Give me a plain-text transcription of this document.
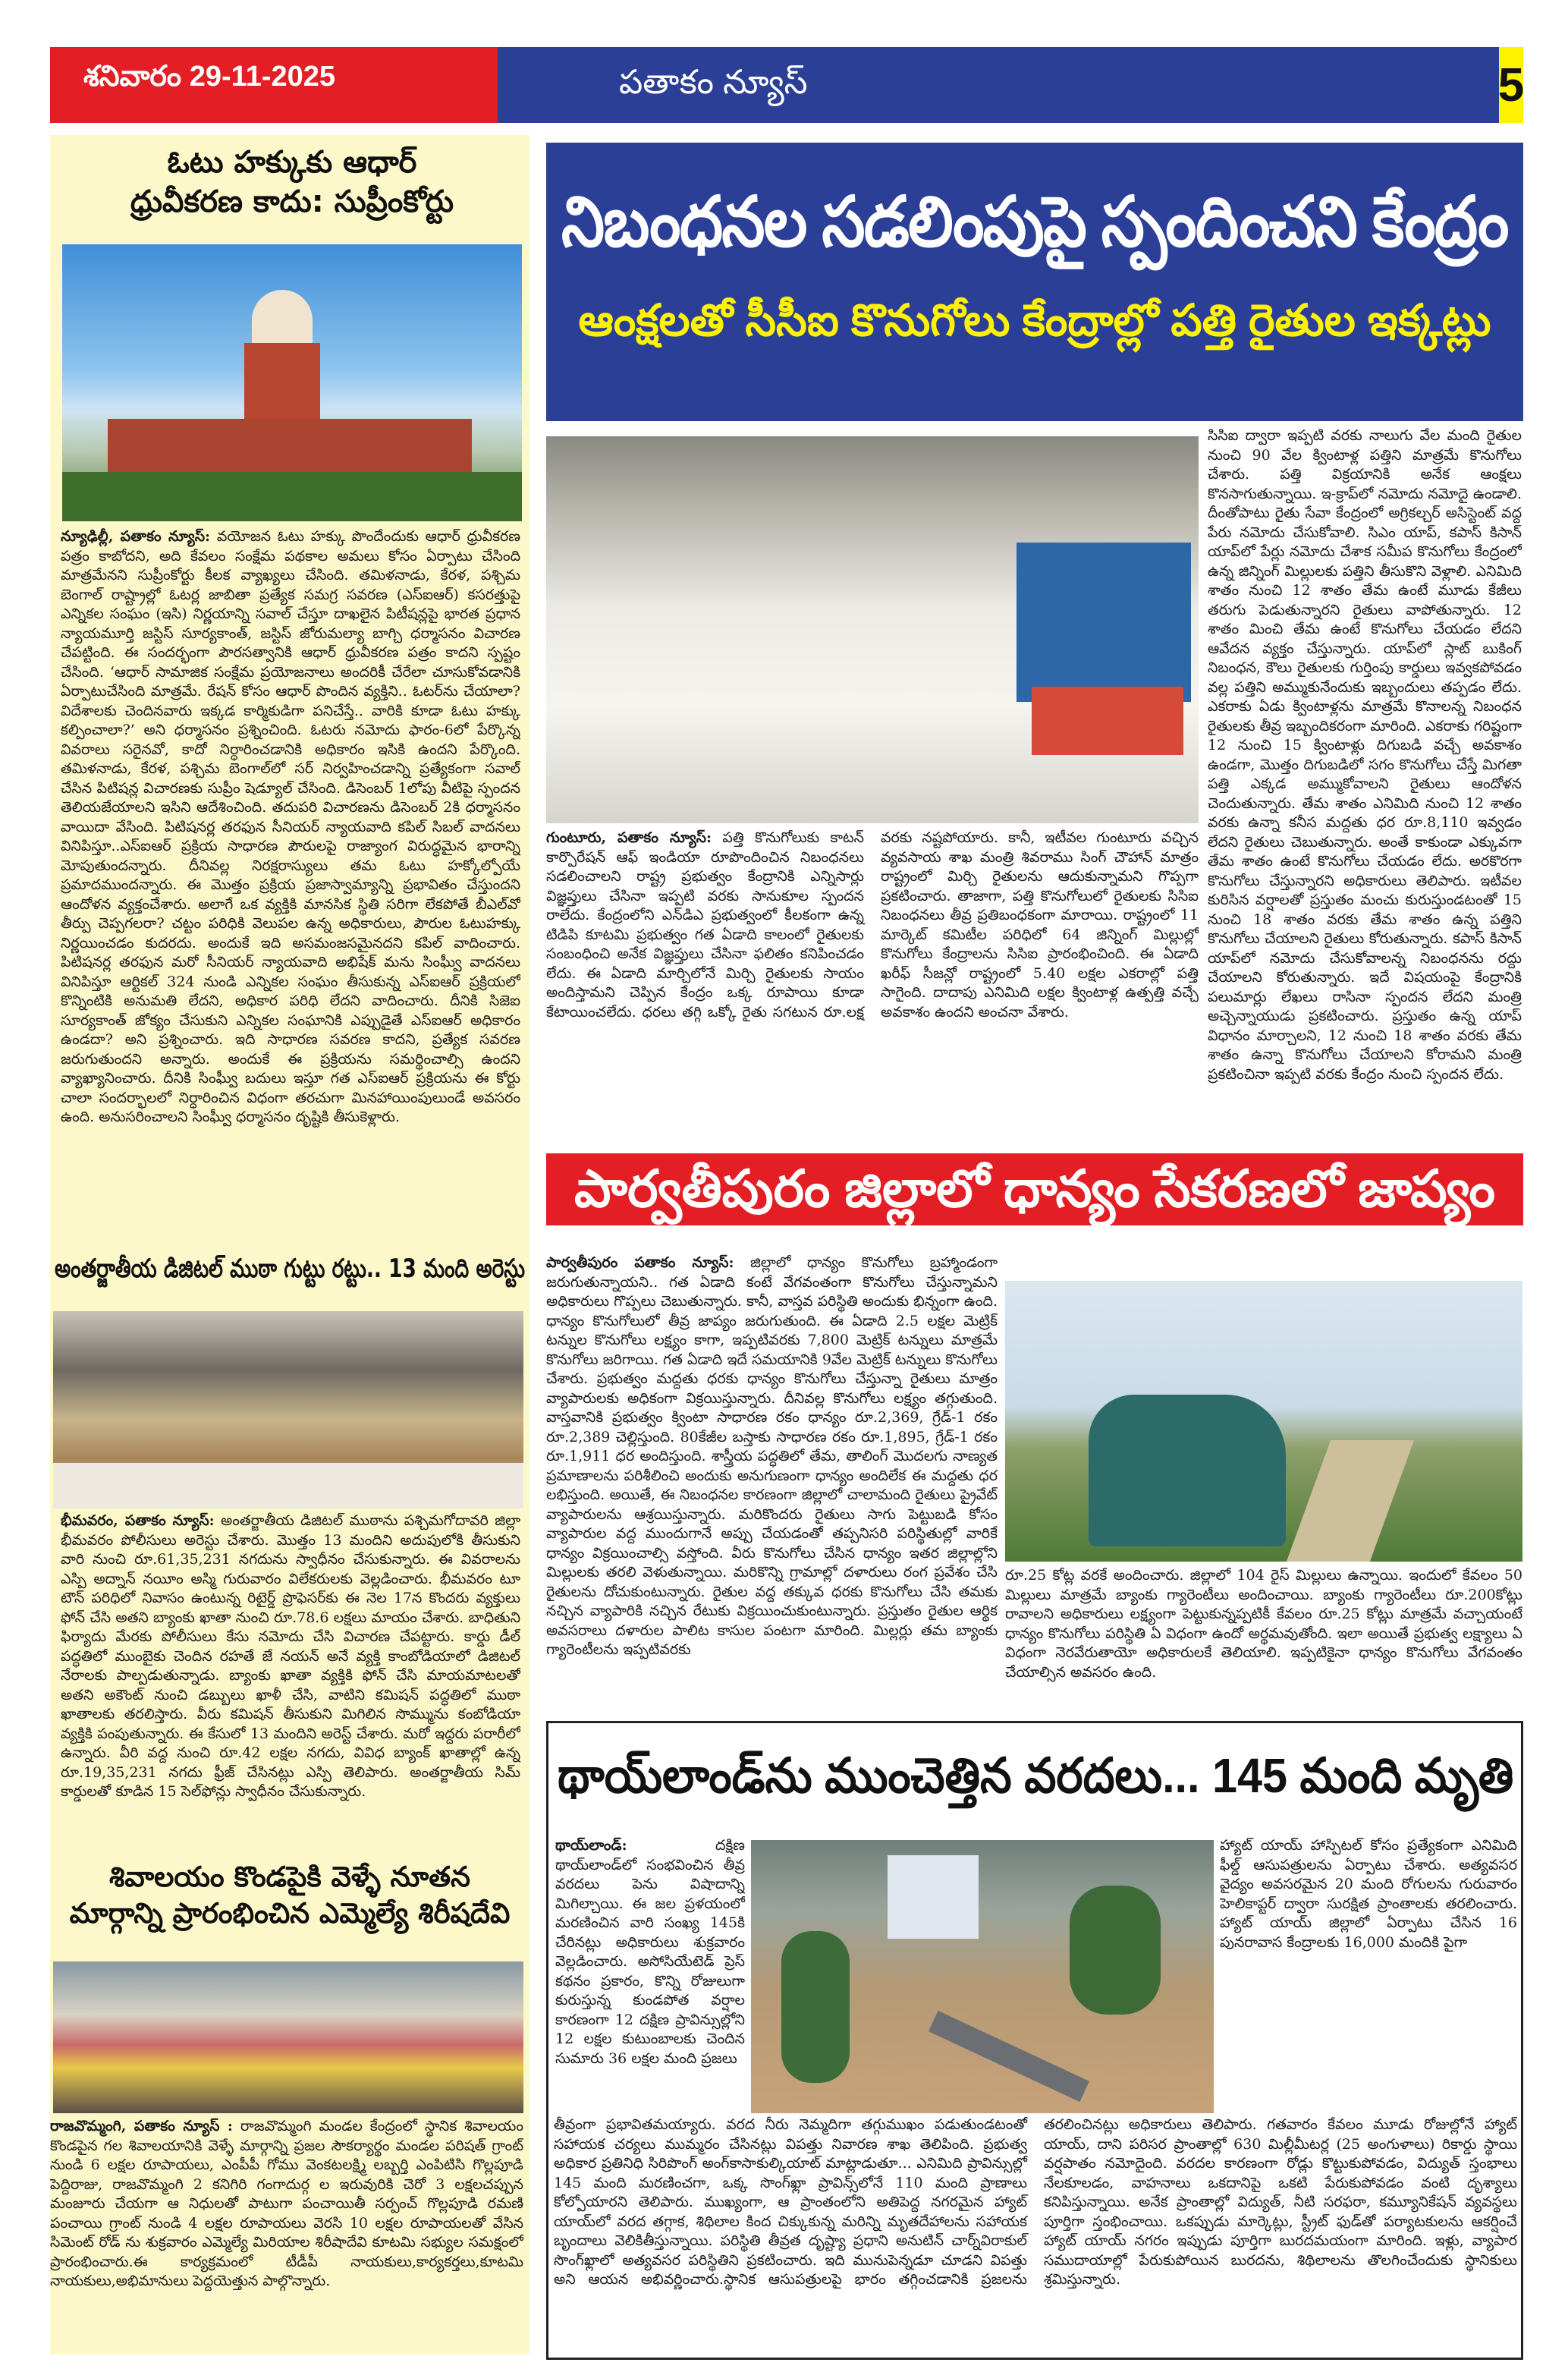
శనివారం 29-11-2025	పతాకం న్యూస్	5
ఓటు హక్కుకు ఆధార్
ధ్రువీకరణ కాదు: సుప్రీంకోర్టు
న్యూఢిల్లీ, పతాకం న్యూస్: వయోజన ఓటు హక్కు పొందేందుకు ఆధార్ ధ్రువీకరణ పత్రం కాబోదని, అది కేవలం సంక్షేమ పథకాల అమలు కోసం ఏర్పాటు చేసింది మాత్రమేనని సుప్రీంకోర్టు కీలక వ్యాఖ్యలు చేసింది. తమిళనాడు, కేరళ, పశ్చిమ బెంగాల్ రాష్ట్రాల్లో ఓటర్ల జాబితా ప్రత్యేక సమగ్ర సవరణ (ఎస్ఐఆర్) కసరత్తుపై ఎన్నికల సంఘం (ఇసి) నిర్ణయాన్ని సవాల్ చేస్తూ దాఖలైన పిటీషన్లపై భారత ప్రధాన న్యాయమూర్తి జస్టిస్ సూర్యకాంత్, జస్టిస్ జోరుమల్యా బాగ్చి ధర్మాసనం విచారణ చేపట్టింది. ఈ సందర్భంగా పౌరసత్వానికి ఆధార్ ధ్రువీకరణ పత్రం కాదని స్పష్టం చేసింది. ‘ఆధార్ సామాజిక సంక్షేమ ప్రయోజనాలు అందరికీ చేరేలా చూసుకోవడానికి ఏర్పాటుచేసింది మాత్రమే. రేషన్ కోసం ఆధార్ పొందిన వ్యక్తిని.. ఓటర్‌ను చేయాలా? విదేశాలకు చెందినవారు ఇక్కడ కార్మికుడిగా పనిచేస్తే.. వారికి కూడా ఓటు హక్కు కల్పించాలా?’ అని ధర్మాసనం ప్రశ్నించింది. ఓటరు నమోదు ఫారం-6లో పేర్కొన్న వివరాలు సరైనవో, కాదో నిర్ధారించడానికి అధికారం ఇసికి ఉందని పేర్కొంది. తమిళనాడు, కేరళ, పశ్చిమ బెంగాల్‌లో సర్ నిర్వహించడాన్ని ప్రత్యేకంగా సవాల్ చేసిన పిటిషన్ల విచారణకు సుప్రీం షెడ్యూల్ చేసింది. డిసెంబర్ 1లోపు వీటిపై స్పందన తెలియజేయాలని ఇసిని ఆదేశించింది. తదుపరి విచారణను డిసెంబర్ 2కి ధర్మాసనం వాయిదా వేసింది. పిటిషనర్ల తరఫున సీనియర్ న్యాయవాది కపిల్ సిబల్ వాదనలు వినిపిస్తూ..ఎస్ఐఆర్ ప్రక్రియ సాధారణ పౌరులపై రాజ్యాంగ విరుద్ధమైన భారాన్ని మోపుతుందన్నారు. దీనివల్ల నిరక్షరాస్యులు తమ ఓటు హక్కోల్పోయే ప్రమాదముందన్నారు. ఈ మొత్తం ప్రక్రియ ప్రజాస్వామ్యాన్ని ప్రభావితం చేస్తుందని ఆందోళన వ్యక్తంచేశారు. అలాగే ఒక వ్యక్తికి మానసిక స్థితి సరిగా లేకపోతే బీఎల్‌వో తీర్పు చెప్పగలరా? చట్టం పరిధికి వెలుపల ఉన్న అధికారులు, పౌరుల ఓటుహక్కు నిర్ణయించడం కుదరదు. అందుకే ఇది అసమంజసమైనదని కపిల్ వాదించారు. పిటిషనర్ల తరఫున మరో సీనియర్ న్యాయవాది అభిషేక్ మను సింఘ్వీ వాదనలు వినిపిస్తూ ఆర్టికల్ 324 నుండి ఎన్నికల సంఘం తీసుకున్న ఎస్ఐఆర్ ప్రక్రియలో కొన్నింటికి అనుమతి లేదని, అధికార పరిధి లేదని వాదించారు. దీనికి సిజెఐ సూర్యకాంత్ జోక్యం చేసుకుని ఎన్నికల సంఘానికి ఎప్పుడైతే ఎస్ఐఆర్ అధికారం ఉండదా? అని ప్రశ్నించారు. ఇది సాధారణ సవరణ కాదని, ప్రత్యేక సవరణ జరుగుతుందని అన్నారు. అందుకే ఈ ప్రక్రియను సమర్థించాల్సి ఉందని వ్యాఖ్యానించారు. దీనికి సింఘ్వీ బదులు ఇస్తూ గత ఎస్ఐఆర్ ప్రక్రియను ఈ కోర్టు చాలా సందర్భాలలో నిర్ధారించిన విధంగా తరచుగా మినహాయింపులుండే అవసరం ఉంది. అనుసరించాలని సింఘ్వీ ధర్మాసనం దృష్టికి తీసుకెళ్లారు.
అంతర్జాతీయ డిజిటల్ ముఠా గుట్టు రట్టు.. 13 మంది అరెస్టు
భీమవరం, పతాకం న్యూస్: అంతర్జాతీయ డిజిటల్ ముఠాను పశ్చిమగోదావరి జిల్లా భీమవరం పోలీసులు అరెస్టు చేశారు. మొత్తం 13 మందిని అదుపులోకి తీసుకుని వారి నుంచి రూ.61,35,231 నగదును స్వాధీనం చేసుకున్నారు. ఈ వివరాలను ఎస్పి అద్నాన్ నయీం అస్మి గురువారం విలేకరులకు వెల్లడించారు. భీమవరం టూ టౌన్ పరిధిలో నివాసం ఉంటున్న రిటైర్డ్ ప్రొఫెసర్‌కు ఈ నెల 17న కొందరు వ్యక్తులు ఫోన్ చేసి అతని బ్యాంకు ఖాతా నుంచి రూ.78.6 లక్షలు మాయం చేశారు. బాధితుని ఫిర్యాదు మేరకు పోలీసులు కేసు నమోదు చేసి విచారణ చేపట్టారు. కార్డు డీల్ పద్ధతిలో ముంబైకు చెందిన రహతే జే నయన్ అనే వ్యక్తి కాంబోడియాలో డిజిటల్ నేరాలకు పాల్పడుతున్నాడు. బ్యాంకు ఖాతా వ్యక్తికి ఫోన్ చేసి మాయమాటలతో అతని అకౌంట్ నుంచి డబ్బులు ఖాళీ చేసి, వాటిని కమిషన్ పద్ధతిలో ముఠా ఖాతాలకు తరలిస్తారు. వీరు కమిషన్ తీసుకుని మిగిలిన సొమ్మును కంబోడియా వ్యక్తికి పంపుతున్నారు. ఈ కేసులో 13 మందిని అరెస్ట్ చేశారు. మరో ఇద్దరు పరారీలో ఉన్నారు. వీరి వద్ద నుంచి రూ.42 లక్షల నగదు, వివిధ బ్యాంక్ ఖాతాల్లో ఉన్న రూ.19,35,231 నగదు ఫ్రీజ్ చేసినట్లు ఎస్పి తెలిపారు. అంతర్జాతీయ సిమ్ కార్డులతో కూడిన 15 సెల్‌ఫోన్లు స్వాధీనం చేసుకున్నారు.
శివాలయం కొండపైకి వెళ్ళే నూతన
మార్గాన్ని ప్రారంభించిన ఎమ్మెల్యే శిరీషదేవి
రాజవొమ్మంగి, పతాకం న్యూస్ : రాజవొమ్మంగి మండల కేంద్రంలో స్థానిక శివాలయం కొండపైన గల శివాలయానికి వెళ్ళే మార్గాన్ని ప్రజల సౌకర్యార్థం మండల పరిషత్ గ్రాంట్ నుండి 6 లక్షల రూపాయలు, ఎంపీపీ గోము వెంకటలక్ష్మి లబ్బర్తి ఎంపిటిసి గొల్లపూడి పెద్దిరాజు, రాజవొమ్మంగి 2 కనిగిరి గంగాదుర్గ ల ఇరువురికి చెరో 3 లక్షలచప్పున మంజూరు చేయగా ఆ నిధులతో పాటుగా పంచాయితీ సర్పంచ్ గొల్లపూడి రమణి పంచాయి గ్రాంట్ నుండి 4 లక్షల రూపాయలు వెరసి 10 లక్షల రూపాయలతో వేసిన సిమెంట్ రోడ్ ను శుక్రవారం ఎమ్మెల్యే మిరియాల శిరీషాదేవి కూటమి సభ్యుల సమక్షంలో ప్రారంభించారు.ఈ కార్యక్రమంలో టీడీపీ నాయకులు,కార్యకర్తలు,కూటమి నాయకులు,అభిమానులు పెద్దయెత్తున పాల్గొన్నారు.
నిబంధనల సడలింపుపై స్పందించని కేంద్రం
ఆంక్షలతో సీసీఐ కొనుగోలు కేంద్రాల్లో పత్తి రైతుల ఇక్కట్లు
గుంటూరు, పతాకం న్యూస్: పత్తి కొనుగోలుకు కాటన్ కార్పొరేషన్ ఆఫ్ ఇండియా రూపొందించిన నిబంధనలు సడలించాలని రాష్ట్ర ప్రభుత్వం కేంద్రానికి ఎన్నిసార్లు విజ్ఞప్తులు చేసినా ఇప్పటి వరకు సానుకూల స్పందన రాలేదు. కేంద్రంలోని ఎన్‌డిఎ ప్రభుత్వంలో కీలకంగా ఉన్న టిడిపి కూటమి ప్రభుత్వం గత ఏడాది కాలంలో రైతులకు సంబంధించి అనేక విజ్ఞప్తులు చేసినా ఫలితం కనిపించడం లేదు. ఈ ఏడాది మార్చిలోనే మిర్చి రైతులకు సాయం అందిస్తామని చెప్పిన కేంద్రం ఒక్క రూపాయి కూడా కేటాయించలేదు. ధరలు తగ్గి ఒక్కో రైతు సగటున రూ.లక్ష వరకు నష్టపోయారు. కానీ, ఇటీవల గుంటూరు వచ్చిన వ్యవసాయ శాఖ మంత్రి శివరాము సింగ్ చౌహాన్ మాత్రం రాష్ట్రంలో మిర్చి రైతులను ఆదుకున్నామని గొప్పగా ప్రకటించారు. తాజాగా, పత్తి కొనుగోలులో రైతులకు సిసిఐ నిబంధనలు తీవ్ర ప్రతిబంధకంగా మారాయి. రాష్ట్రంలో 11 మార్కెట్ కమిటీల పరిధిలో 64 జిన్నింగ్ మిల్లుల్లో కొనుగోలు కేంద్రాలను సిసిఐ ప్రారంభించింది. ఈ ఏడాది ఖరీఫ్ సీజన్లో రాష్ట్రంలో 5.40 లక్షల ఎకరాల్లో పత్తి సాగైంది. దాదాపు ఎనిమిది లక్షల క్వింటాళ్ల ఉత్పత్తి వచ్చే అవకాశం ఉందని అంచనా వేశారు.
సిసిఐ ద్వారా ఇప్పటి వరకు నాలుగు వేల మంది రైతుల నుంచి 90 వేల క్వింటాళ్ల పత్తిని మాత్రమే కొనుగోలు చేశారు. పత్తి విక్రయానికి అనేక ఆంక్షలు కొనసాగుతున్నాయి. ఇ-క్రాప్‌లో నమోదు నమోదై ఉండాలి. దీంతోపాటు రైతు సేవా కేంద్రంలో అగ్రికల్చర్ అసిస్టెంట్ వద్ద పేరు నమోదు చేసుకోవాలి. సిఎం యాప్, కపాస్ కిసాన్ యాప్‌లో పేర్లు నమోదు చేశాక సమీప కొనుగోలు కేంద్రంలో ఉన్న జిన్నింగ్ మిల్లులకు పత్తిని తీసుకొని వెళ్లాలి. ఎనిమిది శాతం నుంచి 12 శాతం తేమ ఉంటే మూడు కేజీలు తరుగు పెడుతున్నారని రైతులు వాపోతున్నారు. 12 శాతం మించి తేమ ఉంటే కొనుగోలు చేయడం లేదని ఆవేదన వ్యక్తం చేస్తున్నారు. యాప్‌లో స్లాట్ బుకింగ్ నిబంధన, కౌలు రైతులకు గుర్తింపు కార్డులు ఇవ్వకపోవడం వల్ల పత్తిని అమ్ముకునేందుకు ఇబ్బందులు తప్పడం లేదు. ఎకరాకు ఏడు క్వింటాళ్లను మాత్రమే కొనాలన్న నిబంధన రైతులకు తీవ్ర ఇబ్బందికరంగా మారింది. ఎకరాకు గరిష్టంగా 12 నుంచి 15 క్వింటాళ్లు దిగుబడి వచ్చే అవకాశం ఉండగా, మొత్తం దిగుబడిలో సగం కొనుగోలు చేస్తే మిగతా పత్తి ఎక్కడ అమ్ముకోవాలని రైతులు ఆందోళన చెందుతున్నారు. తేమ శాతం ఎనిమిది నుంచి 12 శాతం వరకు ఉన్నా కనీస మద్దతు ధర రూ.8,110 ఇవ్వడం లేదని రైతులు చెబుతున్నారు. అంతే కాకుండా ఎక్కువగా తేమ శాతం ఉంటే కొనుగోలు చేయడం లేదు. అరకొరగా కొనుగోలు చేస్తున్నారని అధికారులు తెలిపారు. ఇటీవల కురిసిన వర్షాలతో ప్రస్తుతం మంచు కురుస్తుండటంతో 15 నుంచి 18 శాతం వరకు తేమ శాతం ఉన్న పత్తిని కొనుగోలు చేయాలని రైతులు కోరుతున్నారు. కపాస్ కిసాన్ యాప్‌లో నమోదు చేసుకోవాలన్న నిబంధనను రద్దు చేయాలని కోరుతున్నారు. ఇదే విషయంపై కేంద్రానికి పలుమార్లు లేఖలు రాసినా స్పందన లేదని మంత్రి అచ్చెన్నాయుడు ప్రకటించారు. ప్రస్తుతం ఉన్న యాప్ విధానం మార్చాలని, 12 నుంచి 18 శాతం వరకు తేమ శాతం ఉన్నా కొనుగోలు చేయాలని కోరామని మంత్రి ప్రకటించినా ఇప్పటి వరకు కేంద్రం నుంచి స్పందన లేదు.
పార్వతీపురం జిల్లాలో ధాన్యం సేకరణలో జాప్యం
పార్వతీపురం పతాకం న్యూస్: జిల్లాలో ధాన్యం కొనుగోలు బ్రహ్మాండంగా జరుగుతున్నాయని.. గత ఏడాది కంటే వేగవంతంగా కొనుగోలు చేస్తున్నామని అధికారులు గొప్పలు చెబుతున్నారు. కానీ, వాస్తవ పరిస్థితి అందుకు భిన్నంగా ఉంది. ధాన్యం కొనుగోలులో తీవ్ర జాప్యం జరుగుతుంది. ఈ ఏడాది 2.5 లక్షల మెట్రిక్ టన్నుల కొనుగోలు లక్ష్యం కాగా, ఇప్పటివరకు 7,800 మెట్రిక్ టన్నులు మాత్రమే కొనుగోలు జరిగాయి. గత ఏడాది ఇదే సమయానికి 9వేల మెట్రిక్ టన్నులు కొనుగోలు చేశారు. ప్రభుత్వం మద్దతు ధరకు ధాన్యం కొనుగోలు చేస్తున్నా రైతులు మాత్రం వ్యాపారులకు అధికంగా విక్రయిస్తున్నారు. దీనివల్ల కొనుగోలు లక్ష్యం తగ్గుతుంది. వాస్తవానికి ప్రభుత్వం క్వింటా సాధారణ రకం ధాన్యం రూ.2,369, గ్రేడ్-1 రకం రూ.2,389 చెల్లిస్తుంది. 80కేజీల బస్తాకు సాధారణ రకం రూ.1,895, గ్రేడ్-1 రకం రూ.1,911 ధర అందిస్తుంది. శాస్త్రీయ పద్ధతిలో తేమ, తాలింగ్ మొదలగు నాణ్యత ప్రమాణాలను పరిశీలించి అందుకు అనుగుణంగా ధాన్యం అందిలేక ఈ మద్దతు ధర లభిస్తుంది. అయితే, ఈ నిబంధనల కారణంగా జిల్లాలో చాలామంది రైతులు ప్రైవేట్ వ్యాపారులను ఆశ్రయిస్తున్నారు. మరికొందరు రైతులు సాగు పెట్టుబడి కోసం వ్యాపారుల వద్ద ముందుగానే అప్పు చేయడంతో తప్పనిసరి పరిస్థితుల్లో వారికే ధాన్యం విక్రయించాల్సి వస్తోంది. వీరు కొనుగోలు చేసిన ధాన్యం ఇతర జిల్లాల్లోని మిల్లులకు తరలి వెళుతున్నాయి. మరికొన్ని గ్రామాల్లో దళారులు రంగ ప్రవేశం చేసి రైతులను దోచుకుంటున్నారు. రైతుల వద్ద తక్కువ ధరకు కొనుగోలు చేసి తమకు నచ్చిన వ్యాపారికి నచ్చిన రేటుకు విక్రయించుకుంటున్నారు. ప్రస్తుతం రైతుల ఆర్థిక అవసరాలు దళారుల పాలిట కాసుల పంటగా మారింది. మిల్లర్లు తమ బ్యాంకు గ్యారెంటీలను ఇప్పటివరకు
రూ.25 కోట్ల వరకే అందించారు. జిల్లాలో 104 రైస్ మిల్లులు ఉన్నాయి. ఇందులో కేవలం 50 మిల్లులు మాత్రమే బ్యాంకు గ్యారెంటీలు అందించాయి. బ్యాంకు గ్యారెంటీలు రూ.200కోట్లు రావాలని అధికారులు లక్ష్యంగా పెట్టుకున్నప్పటికీ కేవలం రూ.25 కోట్లు మాత్రమే వచ్చాయంటే ధాన్యం కొనుగోలు పరిస్థితి ఏ విధంగా ఉందో అర్థమవుతోంది. ఇలా అయితే ప్రభుత్వ లక్ష్యాలు ఏ విధంగా నెరవేరుతాయో అధికారులకే తెలియాలి. ఇప్పటికైనా ధాన్యం కొనుగోలు వేగవంతం చేయాల్సిన అవసరం ఉంది.
థాయ్‌లాండ్‌ను ముంచెత్తిన వరదలు... 145 మంది మృతి
థాయ్‌లాండ్:	దక్షిణ థాయ్‌లాండ్‌లో సంభవించిన తీవ్ర వరదలు పెను విషాదాన్ని మిగిల్చాయి. ఈ జల ప్రళయంలో మరణించిన వారి సంఖ్య 145కి చేరినట్లు అధికారులు శుక్రవారం వెల్లడించారు. అసోసియేటెడ్ ప్రెస్ కథనం ప్రకారం, కొన్ని రోజులుగా కురుస్తున్న కుండపోత వర్షాల కారణంగా 12 దక్షిణ ప్రావిన్సుల్లోని 12 లక్షల కుటుంబాలకు చెందిన సుమారు 36 లక్షల మంది ప్రజలు
హ్యాట్ యాయ్ హాస్పిటల్ కోసం ప్రత్యేకంగా ఎనిమిది ఫీల్డ్ ఆసుపత్రులను ఏర్పాటు చేశారు. అత్యవసర వైద్యం అవసరమైన 20 మంది రోగులను గురువారం హెలికాప్టర్ ద్వారా సురక్షిత ప్రాంతాలకు తరలించారు. హ్యాట్ యాయ్ జిల్లాలో ఏర్పాటు చేసిన 16 పునరావాస కేంద్రాలకు 16,000 మందికి పైగా
తీవ్రంగా ప్రభావితమయ్యారు. వరద నీరు నెమ్మదిగా తగ్గుముఖం పడుతుండటంతో సహాయక చర్యలు ముమ్మరం చేసినట్లు విపత్తు నివారణ శాఖ తెలిపింది. ప్రభుత్వ అధికార ప్రతినిధి సిరిపొంగ్ అంగ్‌కాసాకుల్కియాట్ మాట్లాడుతూ... ఎనిమిది ప్రావిన్సుల్లో 145 మంది మరణించగా, ఒక్క సొంగ్‌ఖ్లా ప్రావిన్స్‌లోనే 110 మంది ప్రాణాలు కోల్పోయారని తెలిపారు. ముఖ్యంగా, ఆ ప్రాంతంలోని అతిపెద్ద నగరమైన హ్యాట్ యాయ్‌లో వరద తగ్గాక, శిథిలాల కింద చిక్కుకున్న మరిన్ని మృతదేహాలను సహాయక బృందాలు వెలికితీస్తున్నాయి. పరిస్థితి తీవ్రత దృష్ట్యా ప్రధాని అనుటిన్ చార్న్‌విరాకుల్ సొంగ్‌ఖ్లాలో అత్యవసర పరిస్థితిని ప్రకటించారు. ఇది మునుపెన్నడూ చూడని విపత్తు అని ఆయన అభివర్ణించారు.స్థానిక ఆసుపత్రులపై భారం తగ్గించడానికి ప్రజలను తరలించినట్లు అధికారులు తెలిపారు. గతవారం కేవలం మూడు రోజుల్లోనే హ్యాట్ యాయ్, దాని పరిసర ప్రాంతాల్లో 630 మిల్లీమీటర్ల (25 అంగుళాలు) రికార్డు స్థాయి వర్షపాతం నమోదైంది. వరదల కారణంగా రోడ్లు కొట్టుకుపోవడం, విద్యుత్ స్తంభాలు నేలకూలడం, వాహనాలు ఒకదానిపై ఒకటి పేరుకుపోవడం వంటి దృశ్యాలు కనిపిస్తున్నాయి. అనేక ప్రాంతాల్లో విద్యుత్, నీటి సరఫరా, కమ్యూనికేషన్ వ్యవస్థలు పూర్తిగా స్తంభించాయి. ఒకప్పుడు మార్కెట్లు, స్ట్రీట్ ఫుడ్‌తో పర్యాటకులను ఆకర్షించే హ్యాట్ యాయ్ నగరం ఇప్పుడు పూర్తిగా బురదమయంగా మారింది. ఇళ్లు, వ్యాపార సముదాయాల్లో పేరుకుపోయిన బురదను, శిథిలాలను తొలగించేందుకు స్థానికులు శ్రమిస్తున్నారు.
